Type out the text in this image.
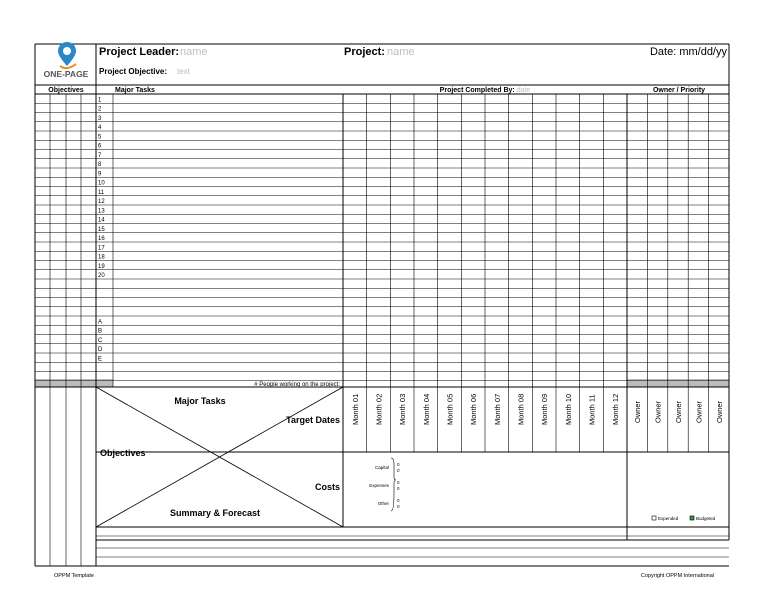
ONE-PAGE
Project Leader: name	Project: name	Date: mm/dd/yy
Project Objective: text
Objectives	Major Tasks	Project Completed By: date	Owner / Priority
1
2
3
4
5
6
7
8
9
10
11
12
13
14
15
16
17
18
19
20
A
B
C
D
E
# People working on the project:
Major Tasks
Target Dates
Objectives
Costs
Summary & Forecast
Month 01 Month 02 Month 03 Month 04 Month 05 Month 06 Month 07 Month 08 Month 09 Month 10 Month 11 Month 12 Owner Owner Owner Owner Owner
Capital
0
0
Expenses
0
0
Other
0
0
Expended	Budgeted
OPPM Template	Copyright OPPM International
